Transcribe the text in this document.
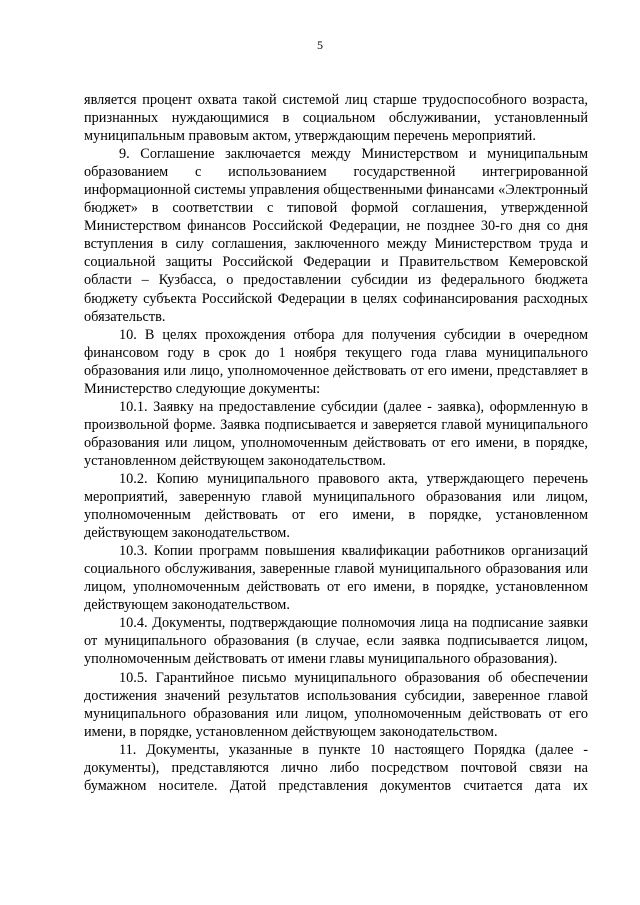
5

является процент охвата такой системой лиц старше трудоспособного возраста, признанных нуждающимися в социальном обслуживании, установленный муниципальным правовым актом, утверждающим перечень мероприятий.

9. Соглашение заключается между Министерством и муниципальным образованием с использованием государственной интегрированной информационной системы управления общественными финансами «Электронный бюджет» в соответствии с типовой формой соглашения, утвержденной Министерством финансов Российской Федерации, не позднее 30-го дня со дня вступления в силу соглашения, заключенного между Министерством труда и социальной защиты Российской Федерации и Правительством Кемеровской области – Кузбасса, о предоставлении субсидии из федерального бюджета бюджету субъекта Российской Федерации в целях софинансирования расходных обязательств.

10. В целях прохождения отбора для получения субсидии в очередном финансовом году в срок до 1 ноября текущего года глава муниципального образования или лицо, уполномоченное действовать от его имени, представляет в Министерство следующие документы:

10.1. Заявку на предоставление субсидии (далее - заявка), оформленную в произвольной форме. Заявка подписывается и заверяется главой муниципального образования или лицом, уполномоченным действовать от его имени, в порядке, установленном действующем законодательством.

10.2. Копию муниципального правового акта, утверждающего перечень мероприятий, заверенную главой муниципального образования или лицом, уполномоченным действовать от его имени, в порядке, установленном действующем законодательством.

10.3. Копии программ повышения квалификации работников организаций социального обслуживания, заверенные главой муниципального образования или лицом, уполномоченным действовать от его имени, в порядке, установленном действующем законодательством.

10.4. Документы, подтверждающие полномочия лица на подписание заявки от муниципального образования (в случае, если заявка подписывается лицом, уполномоченным действовать от имени главы муниципального образования).

10.5. Гарантийное письмо муниципального образования об обеспечении достижения значений результатов использования субсидии, заверенное главой муниципального образования или лицом, уполномоченным действовать от его имени, в порядке, установленном действующем законодательством.

11. Документы, указанные в пункте 10 настоящего Порядка (далее - документы), представляются лично либо посредством почтовой связи на бумажном носителе. Датой представления документов считается дата их
